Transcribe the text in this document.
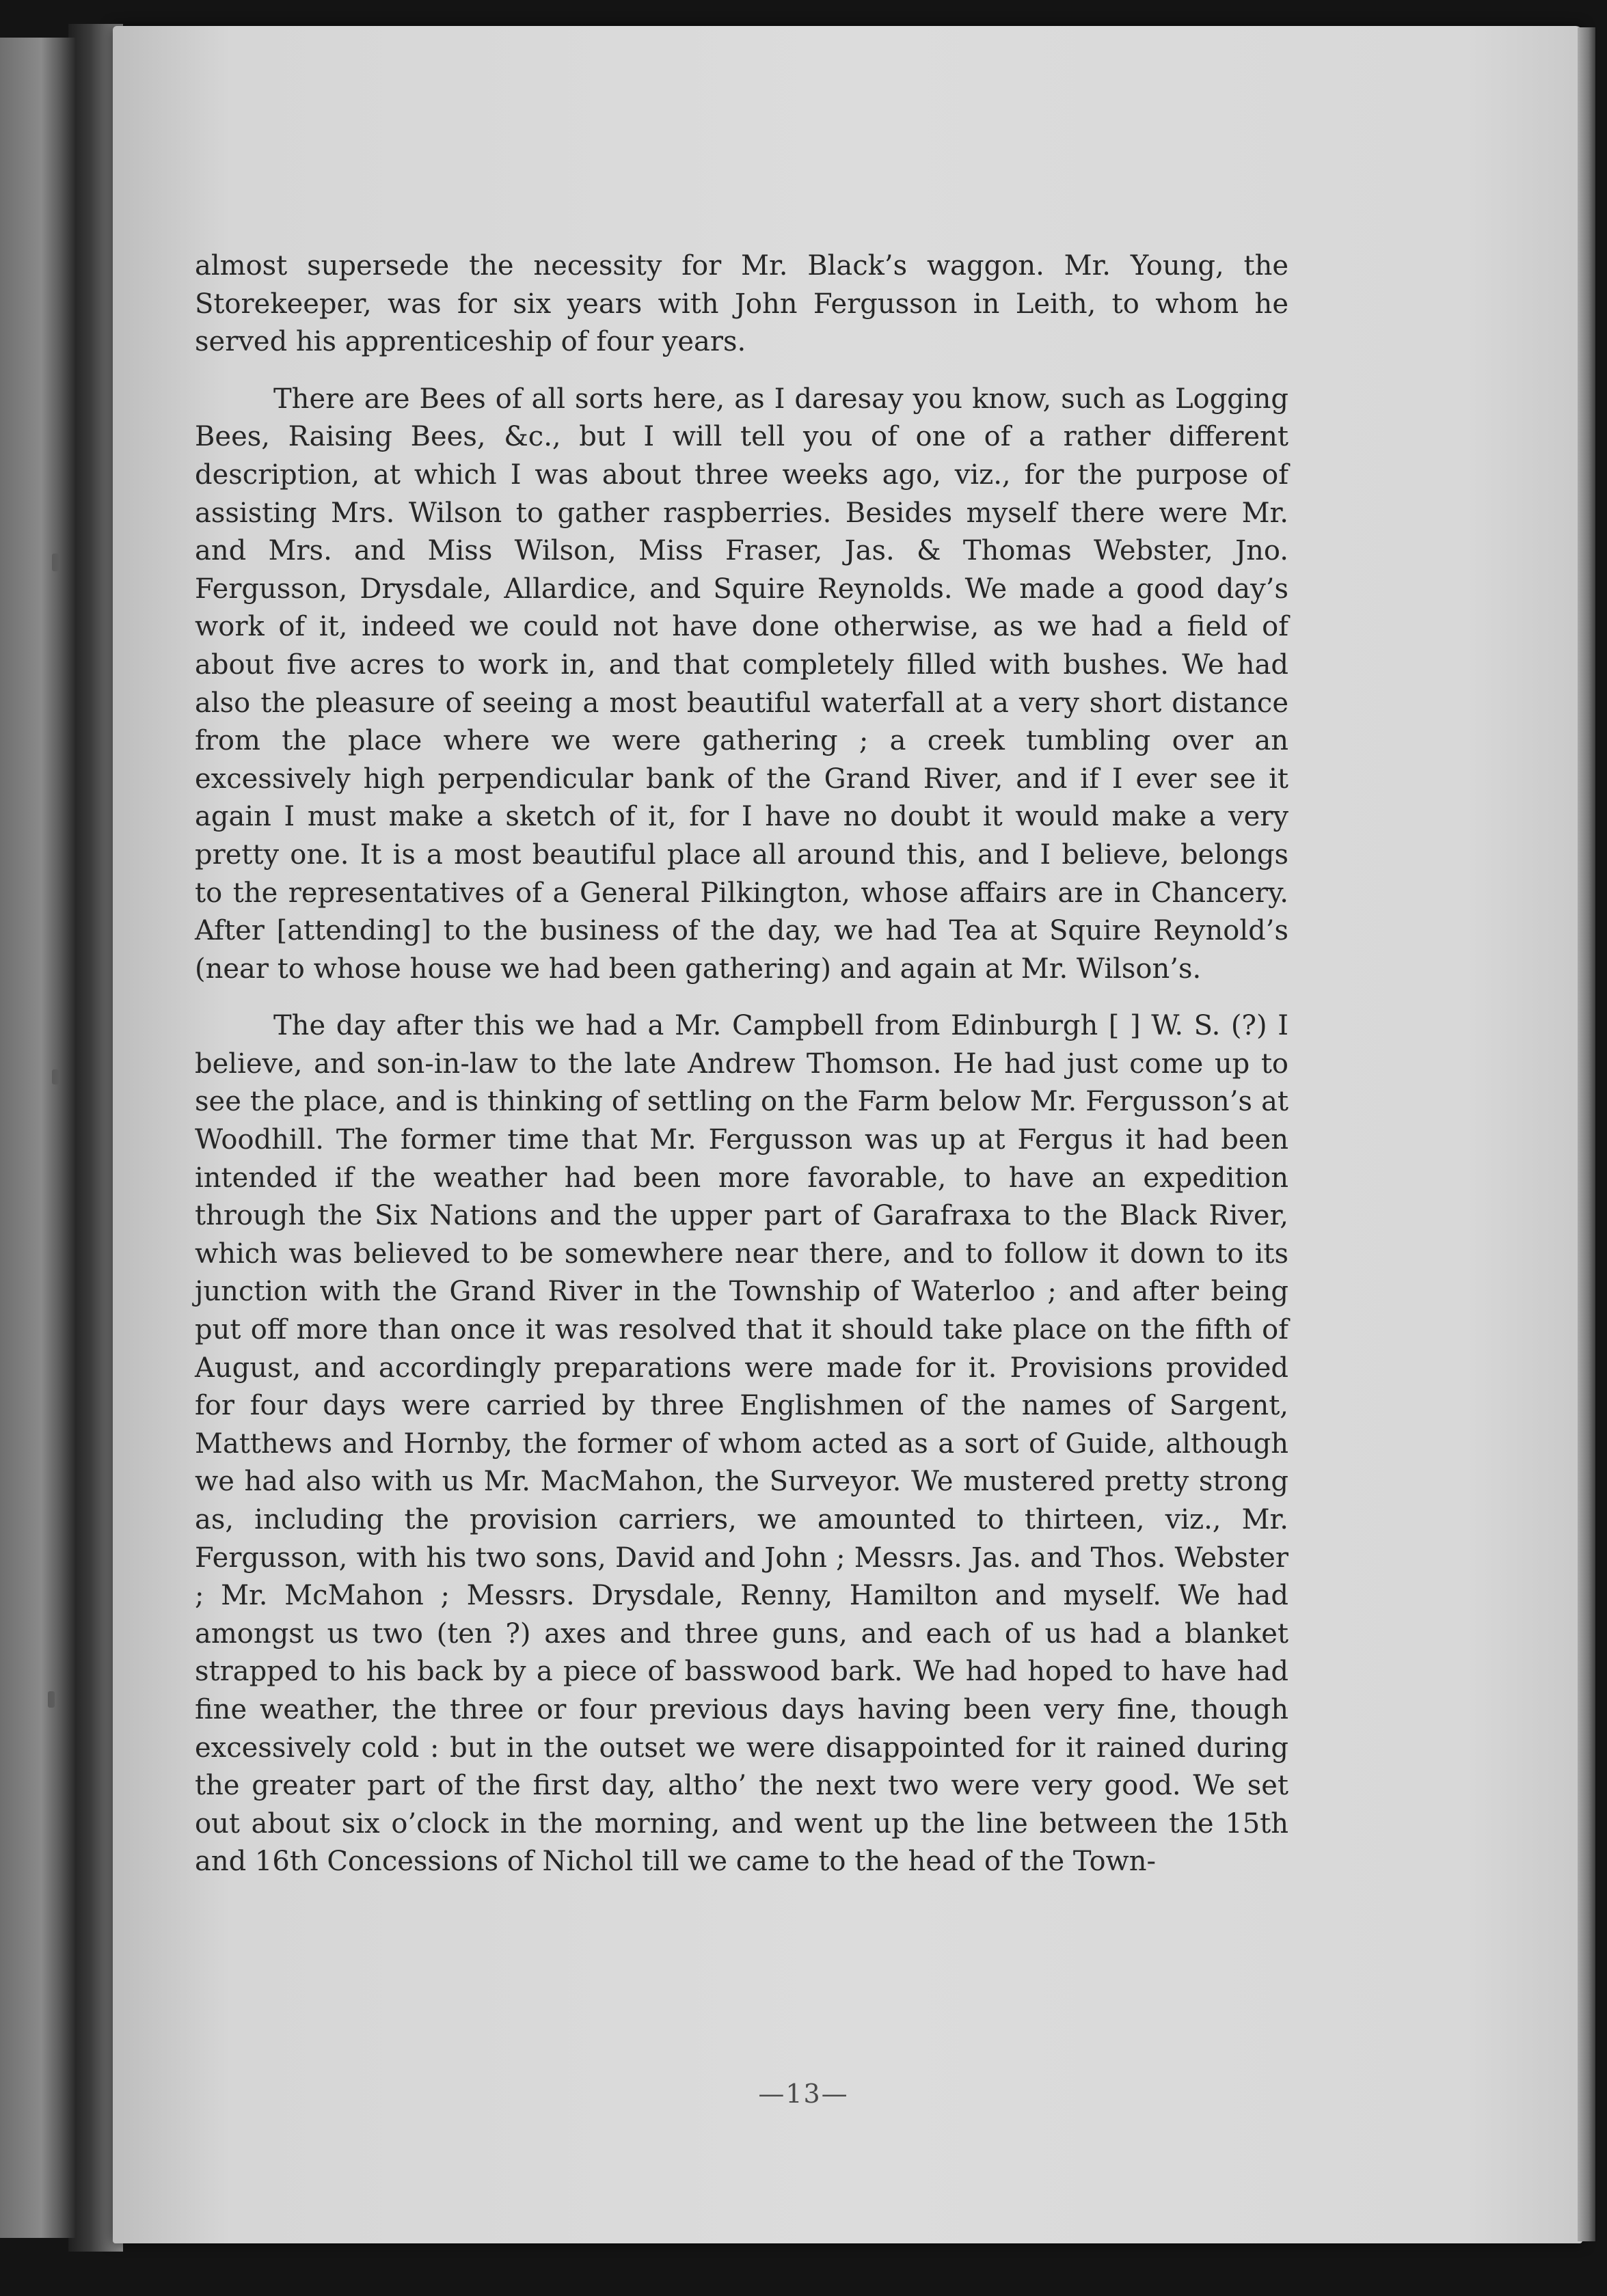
almost supersede the necessity for Mr. Black’s waggon. Mr. Young, the Storekeeper, was for six years with John Fergusson in Leith, to whom he served his apprenticeship of four years.

There are Bees of all sorts here, as I daresay you know, such as Logging Bees, Raising Bees, &c., but I will tell you of one of a rather different description, at which I was about three weeks ago, viz., for the purpose of assisting Mrs. Wilson to gather raspberries. Besides myself there were Mr. and Mrs. and Miss Wilson, Miss Fraser, Jas. & Thomas Webster, Jno. Fergusson, Drysdale, Allardice, and Squire Reynolds. We made a good day’s work of it, indeed we could not have done otherwise, as we had a field of about five acres to work in, and that completely filled with bushes. We had also the pleasure of seeing a most beautiful waterfall at a very short distance from the place where we were gathering ; a creek tumbling over an excessively high perpendicular bank of the Grand River, and if I ever see it again I must make a sketch of it, for I have no doubt it would make a very pretty one. It is a most beautiful place all around this, and I believe, belongs to the representatives of a General Pilkington, whose affairs are in Chancery. After [attending] to the business of the day, we had Tea at Squire Reynold’s (near to whose house we had been gathering) and again at Mr. Wilson’s.

The day after this we had a Mr. Campbell from Edinburgh [ ] W. S. (?) I believe, and son-in-law to the late Andrew Thomson. He had just come up to see the place, and is thinking of settling on the Farm below Mr. Fergusson’s at Woodhill. The former time that Mr. Fergusson was up at Fergus it had been intended if the weather had been more favorable, to have an expedition through the Six Nations and the upper part of Garafraxa to the Black River, which was believed to be somewhere near there, and to follow it down to its junction with the Grand River in the Township of Waterloo ; and after being put off more than once it was resolved that it should take place on the fifth of August, and accordingly preparations were made for it. Provisions provided for four days were carried by three Englishmen of the names of Sargent, Matthews and Hornby, the former of whom acted as a sort of Guide, although we had also with us Mr. MacMahon, the Surveyor. We mustered pretty strong as, including the provision carriers, we amounted to thirteen, viz., Mr. Fergusson, with his two sons, David and John ; Messrs. Jas. and Thos. Webster ; Mr. McMahon ; Messrs. Drysdale, Renny, Hamilton and myself. We had amongst us two (ten ?) axes and three guns, and each of us had a blanket strapped to his back by a piece of basswood bark. We had hoped to have had fine weather, the three or four previous days having been very fine, though excessively cold : but in the outset we were disappointed for it rained during the greater part of the first day, altho’ the next two were very good. We set out about six o’clock in the morning, and went up the line between the 15th and 16th Concessions of Nichol till we came to the head of the Town-

—13—
